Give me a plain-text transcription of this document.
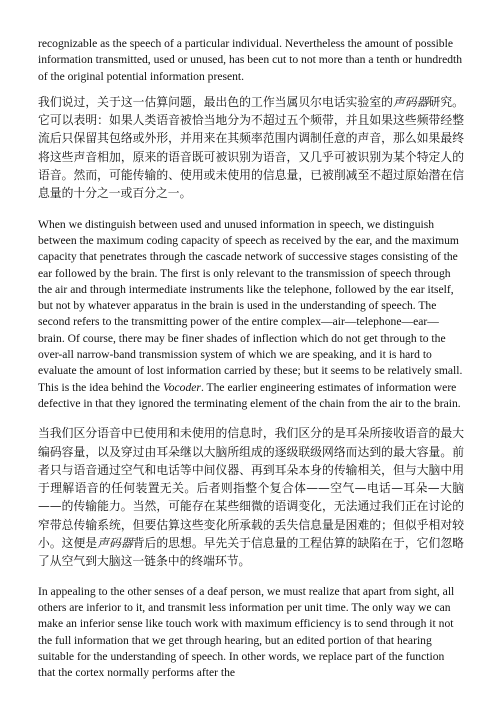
recognizable as the speech of a particular individual. Nevertheless the amount of possible information transmitted, used or unused, has been cut to not more than a tenth or hundredth of the original potential information present.

我们说过，关于这一估算问题，最出色的工作当属贝尔电话实验室的声码器研究。它可以表明：如果人类语音被恰当地分为不超过五个频带，并且如果这些频带经整流后只保留其包络或外形，并用来在其频率范围内调制任意的声音，那么如果最终将这些声音相加，原来的语音既可被识别为语音，又几乎可被识别为某个特定人的语音。然而，可能传输的、使用或未使用的信息量，已被削减至不超过原始潜在信息量的十分之一或百分之一。

When we distinguish between used and unused information in speech, we distinguish between the maximum coding capacity of speech as received by the ear, and the maximum capacity that penetrates through the cascade network of successive stages consisting of the ear followed by the brain. The first is only relevant to the transmission of speech through the air and through intermediate instruments like the telephone, followed by the ear itself, but not by whatever apparatus in the brain is used in the understanding of speech. The second refers to the transmitting power of the entire complex—air—telephone—ear—brain. Of course, there may be finer shades of inflection which do not get through to the over-all narrow-band transmission system of which we are speaking, and it is hard to evaluate the amount of lost information carried by these; but it seems to be relatively small. This is the idea behind the Vocoder. The earlier engineering estimates of information were defective in that they ignored the terminating element of the chain from the air to the brain.

当我们区分语音中已使用和未使用的信息时，我们区分的是耳朵所接收语音的最大编码容量，以及穿过由耳朵继以大脑所组成的逐级联级网络而达到的最大容量。前者只与语音通过空气和电话等中间仪器、再到耳朵本身的传输相关，但与大脑中用于理解语音的任何装置无关。后者则指整个复合体——空气—电话—耳朵—大脑——的传输能力。当然，可能存在某些细微的语调变化，无法通过我们正在讨论的窄带总传输系统，但要估算这些变化所承载的丢失信息量是困难的；但似乎相对较小。这便是声码器背后的思想。早先关于信息量的工程估算的缺陷在于，它们忽略了从空气到大脑这一链条中的终端环节。

In appealing to the other senses of a deaf person, we must realize that apart from sight, all others are inferior to it, and transmit less information per unit time. The only way we can make an inferior sense like touch work with maximum efficiency is to send through it not the full information that we get through hearing, but an edited portion of that hearing suitable for the understanding of speech. In other words, we replace part of the function that the cortex normally performs after the
